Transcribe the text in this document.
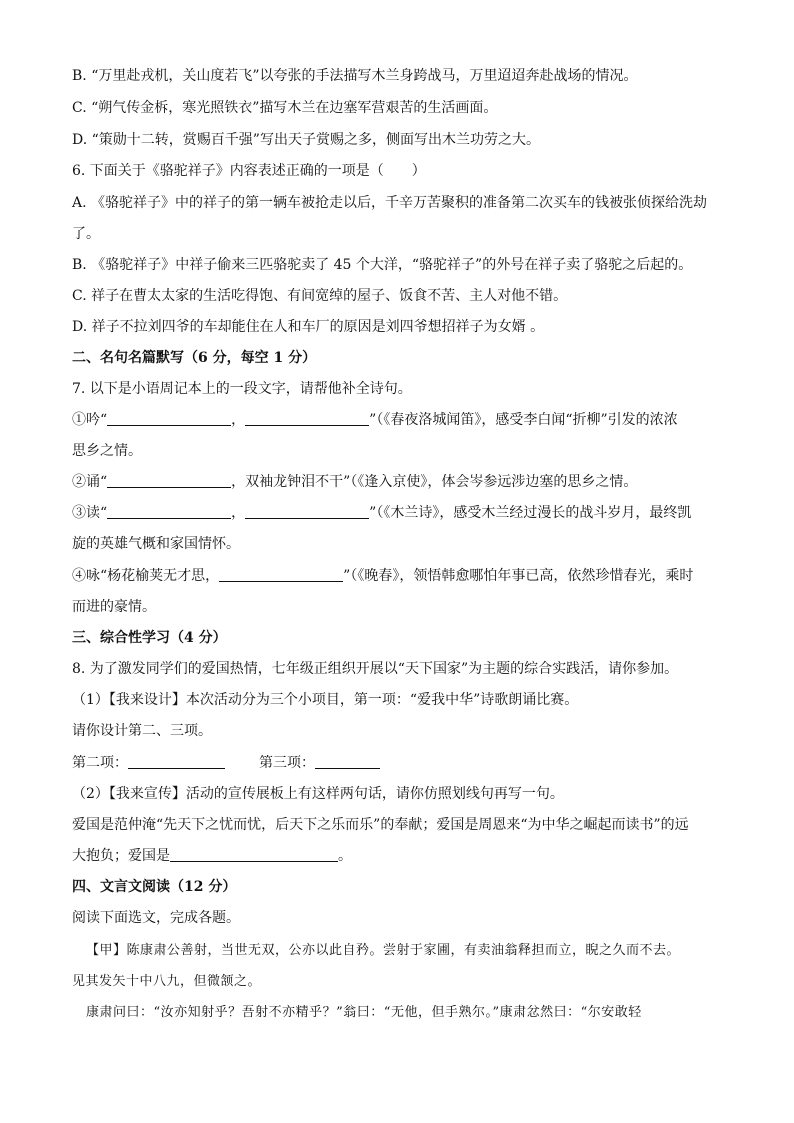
B. “万里赴戎机，关山度若飞”以夸张的手法描写木兰身跨战马，万里迢迢奔赴战场的情况。
C. “朔气传金柝，寒光照铁衣”描写木兰在边塞军营艰苦的生活画面。
D. “策勋十二转，赏赐百千强”写出天子赏赐之多，侧面写出木兰功劳之大。
6. 下面关于《骆驼祥子》内容表述正确的一项是（　　）
A. 《骆驼祥子》中的祥子的第一辆车被抢走以后，千辛万苦聚积的准备第二次买车的钱被张侦探给洗劫
了。
B. 《骆驼祥子》中祥子偷来三匹骆驼卖了 45 个大洋，“骆驼祥子”的外号在祥子卖了骆驼之后起的。
C. 祥子在曹太太家的生活吃得饱、有间宽绰的屋子、饭食不苦、主人对他不错。
D. 祥子不拉刘四爷的车却能住在人和车厂的原因是刘四爷想招祥子为女婿 。
二、名句名篇默写（6 分，每空 1 分）
7. 以下是小语周记本上的一段文字，请帮他补全诗句。
①吟“	，	”（《春夜洛城闻笛》，感受李白闻“折柳”引发的浓浓
思乡之情。
②诵“	，双袖龙钟泪不干”（《逢入京使》，体会岑参远涉边塞的思乡之情。
③读“	，	”（《木兰诗》，感受木兰经过漫长的战斗岁月，最终凯
旋的英雄气概和家国情怀。
④咏“杨花榆荚无才思，	”（《晚春》，领悟韩愈哪怕年事已高，依然珍惜春光，乘时
而进的豪情。
三、综合性学习（4 分）
8. 为了激发同学们的爱国热情，七年级正组织开展以“天下国家”为主题的综合实践活，请你参加。
（1）【我来设计】本次活动分为三个小项目，第一项：“爱我中华”诗歌朗诵比赛。
请你设计第二、三项。
第二项：	第三项：
（2）【我来宣传】活动的宣传展板上有这样两句话，请你仿照划线句再写一句。
爱国是范仲淹“先天下之忧而忧，后天下之乐而乐”的奉献；爱国是周恩来“为中华之崛起而读书”的远
大抱负；爱国是	。
四、文言文阅读（12 分）
阅读下面选文，完成各题。
【甲】陈康肃公善射，当世无双，公亦以此自矜。尝射于家圃，有卖油翁释担而立，睨之久而不去。
见其发矢十中八九，但微颔之。
康肃问曰：“汝亦知射乎？吾射不亦精乎？”翁曰：“无他，但手熟尔。”康肃忿然曰：“尔安敢轻
